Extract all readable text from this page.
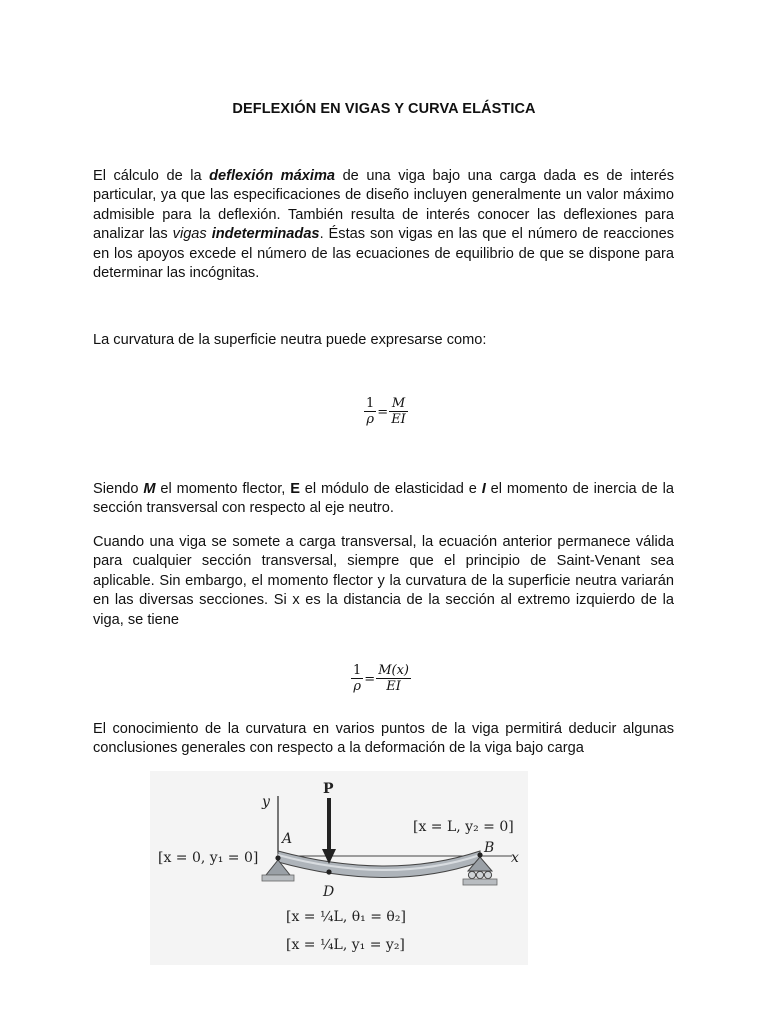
DEFLEXIÓN EN VIGAS Y CURVA ELÁSTICA
El cálculo de la deflexión máxima de una viga bajo una carga dada es de interés particular, ya que las especificaciones de diseño incluyen generalmente un valor máximo admisible para la deflexión. También resulta de interés conocer las deflexiones para analizar las vigas indeterminadas. Éstas son vigas en las que el número de reacciones en los apoyos excede el número de las ecuaciones de equilibrio de que se dispone para determinar las incógnitas.
La curvatura de la superficie neutra puede expresarse como:
$\frac{1}{\rho} = \frac{M}{EI}$
Siendo M el momento flector, E el módulo de elasticidad e I el momento de inercia de la sección transversal con respecto al eje neutro.
Cuando una viga se somete a carga transversal, la ecuación anterior permanece válida para cualquier sección transversal, siempre que el principio de Saint-Venant sea aplicable. Sin embargo, el momento flector y la curvatura de la superficie neutra variarán en las diversas secciones. Si x es la distancia de la sección al extremo izquierdo de la viga, se tiene
$\frac{1}{\rho} = \frac{M(x)}{EI}$
El conocimiento de la curvatura en varios puntos de la viga permitirá deducir algunas conclusiones generales con respecto a la deformación de la viga bajo carga
y
x
P
A
B
D
[x = 0, y₁ = 0]
[x = L, y₂ = 0]
[x = ¼L, θ₁ = θ₂]
[x = ¼L, y₁ = y₂]
